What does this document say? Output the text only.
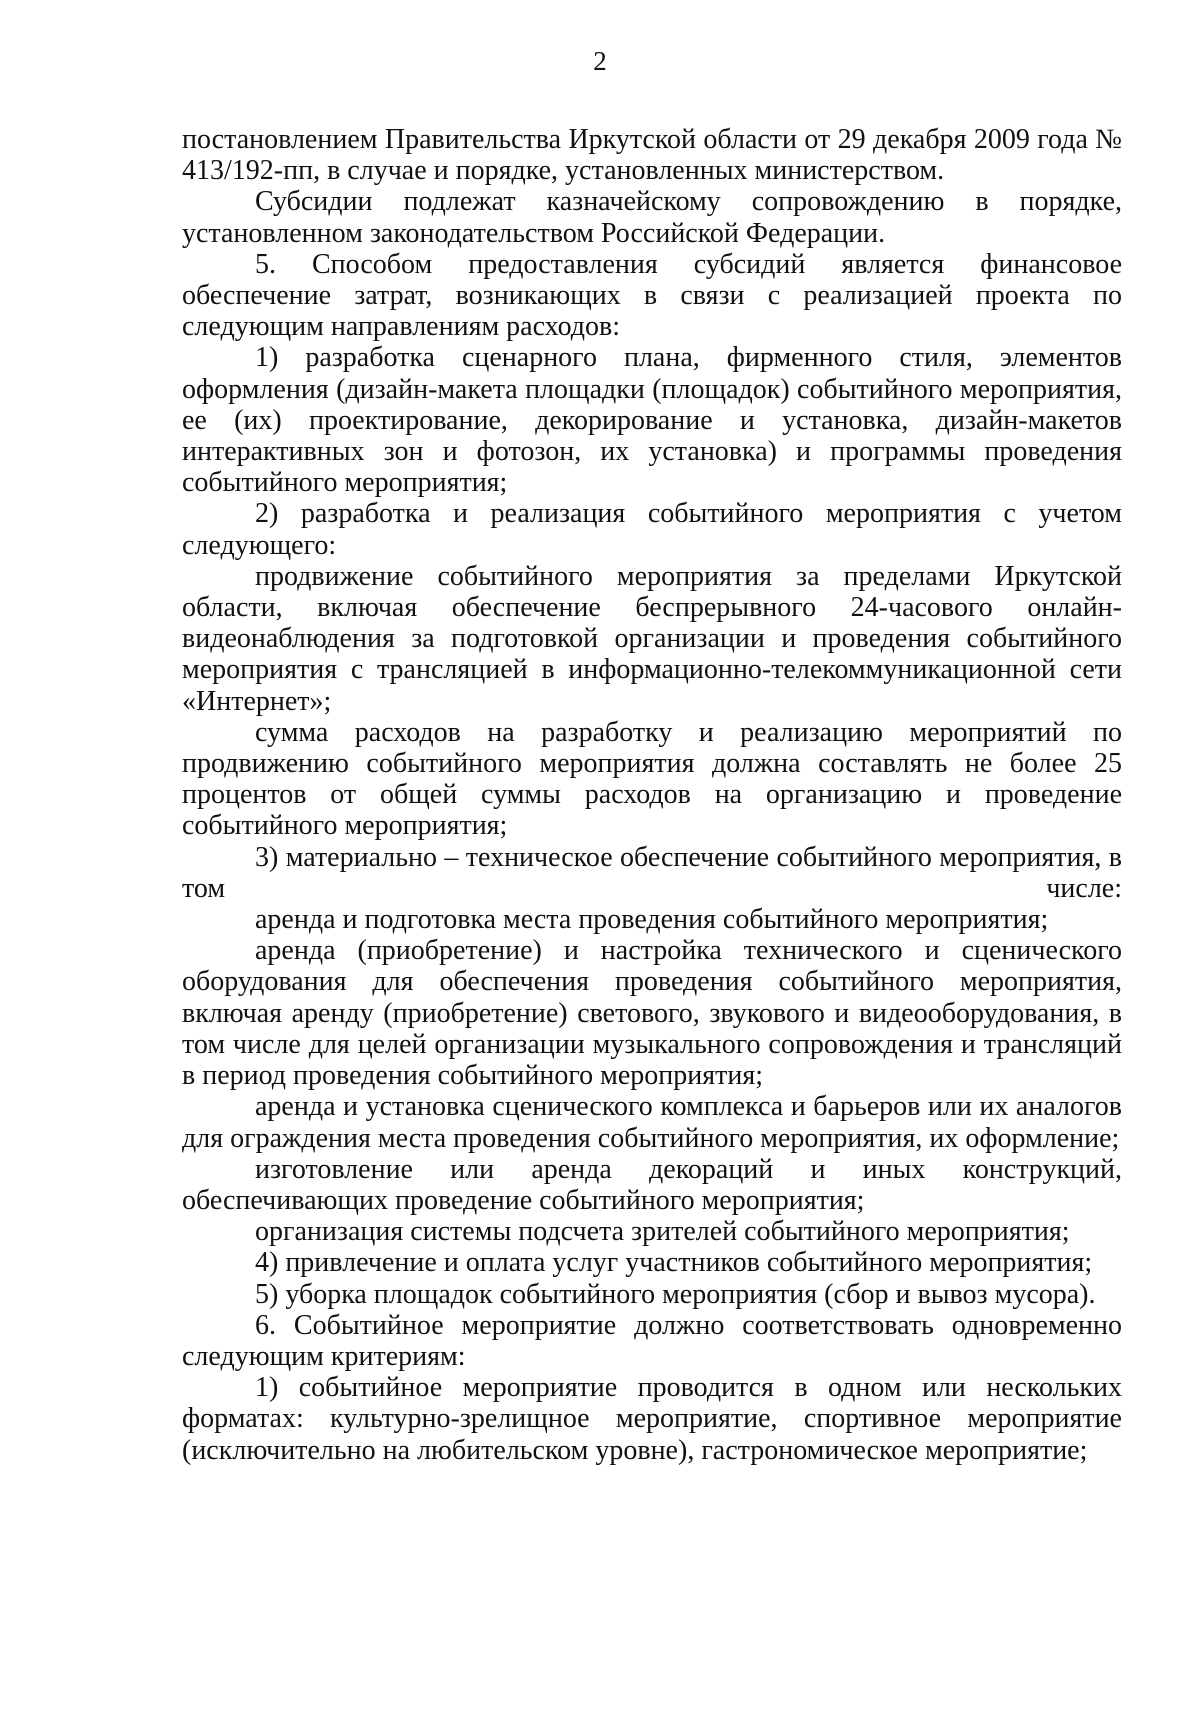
2

постановлением Правительства Иркутской области от 29 декабря 2009 года № 413/192-пп, в случае и порядке, установленных министерством.

Субсидии подлежат казначейскому сопровождению в порядке, установленном законодательством Российской Федерации.

5. Способом предоставления субсидий является финансовое обеспечение затрат, возникающих в связи с реализацией проекта по следующим направлениям расходов:

1) разработка сценарного плана, фирменного стиля, элементов оформления (дизайн-макета площадки (площадок) событийного мероприятия, ее (их) проектирование, декорирование и установка, дизайн-макетов интерактивных зон и фотозон, их установка) и программы проведения событийного мероприятия;

2) разработка и реализация событийного мероприятия с учетом следующего:

продвижение событийного мероприятия за пределами Иркутской области, включая обеспечение беспрерывного 24-часового онлайн-видеонаблюдения за подготовкой организации и проведения событийного мероприятия с трансляцией в информационно-телекоммуникационной сети «Интернет»;

сумма расходов на разработку и реализацию мероприятий по продвижению событийного мероприятия должна составлять не более 25 процентов от общей суммы расходов на организацию и проведение событийного мероприятия;

3) материально – техническое обеспечение событийного мероприятия, в том числе:

аренда и подготовка места проведения событийного мероприятия;

аренда (приобретение) и настройка технического и сценического оборудования для обеспечения проведения событийного мероприятия, включая аренду (приобретение) светового, звукового и видеооборудования, в том числе для целей организации музыкального сопровождения и трансляций в период проведения событийного мероприятия;

аренда и установка сценического комплекса и барьеров или их аналогов для ограждения места проведения событийного мероприятия, их оформление;

изготовление или аренда декораций и иных конструкций, обеспечивающих проведение событийного мероприятия;

организация системы подсчета зрителей событийного мероприятия;

4) привлечение и оплата услуг участников событийного мероприятия;

5) уборка площадок событийного мероприятия (сбор и вывоз мусора).

6. Событийное мероприятие должно соответствовать одновременно следующим критериям:

1) событийное мероприятие проводится в одном или нескольких форматах: культурно-зрелищное мероприятие, спортивное мероприятие (исключительно на любительском уровне), гастрономическое мероприятие;
